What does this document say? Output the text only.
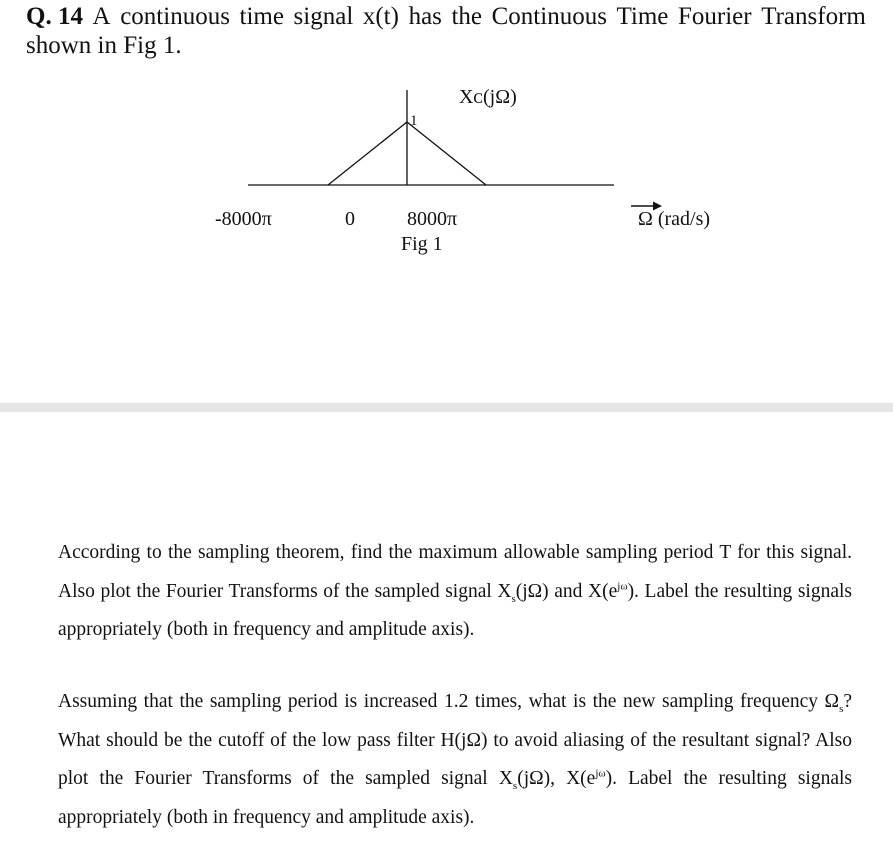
Q. 14 A continuous time signal x(t) has the Continuous Time Fourier Transform
shown in Fig 1.
1
Xᴄ(jΩ)
-8000π	0	8000π
Fig 1
Ω (rad/s)

According to the sampling theorem, find the maximum allowable sampling period T for this signal. Also plot the Fourier Transforms of the sampled signal $X_s(j\Omega)$ and $X(e^{j\omega})$. Label the resulting signals appropriately (both in frequency and amplitude axis).

Assuming that the sampling period is increased 1.2 times, what is the new sampling frequency $\Omega_s$? What should be the cutoff of the low pass filter H(jΩ) to avoid aliasing of the resultant signal? Also plot the Fourier Transforms of the sampled signal $X_s(j\Omega)$, $X(e^{j\omega})$. Label the resulting signals appropriately (both in frequency and amplitude axis).
